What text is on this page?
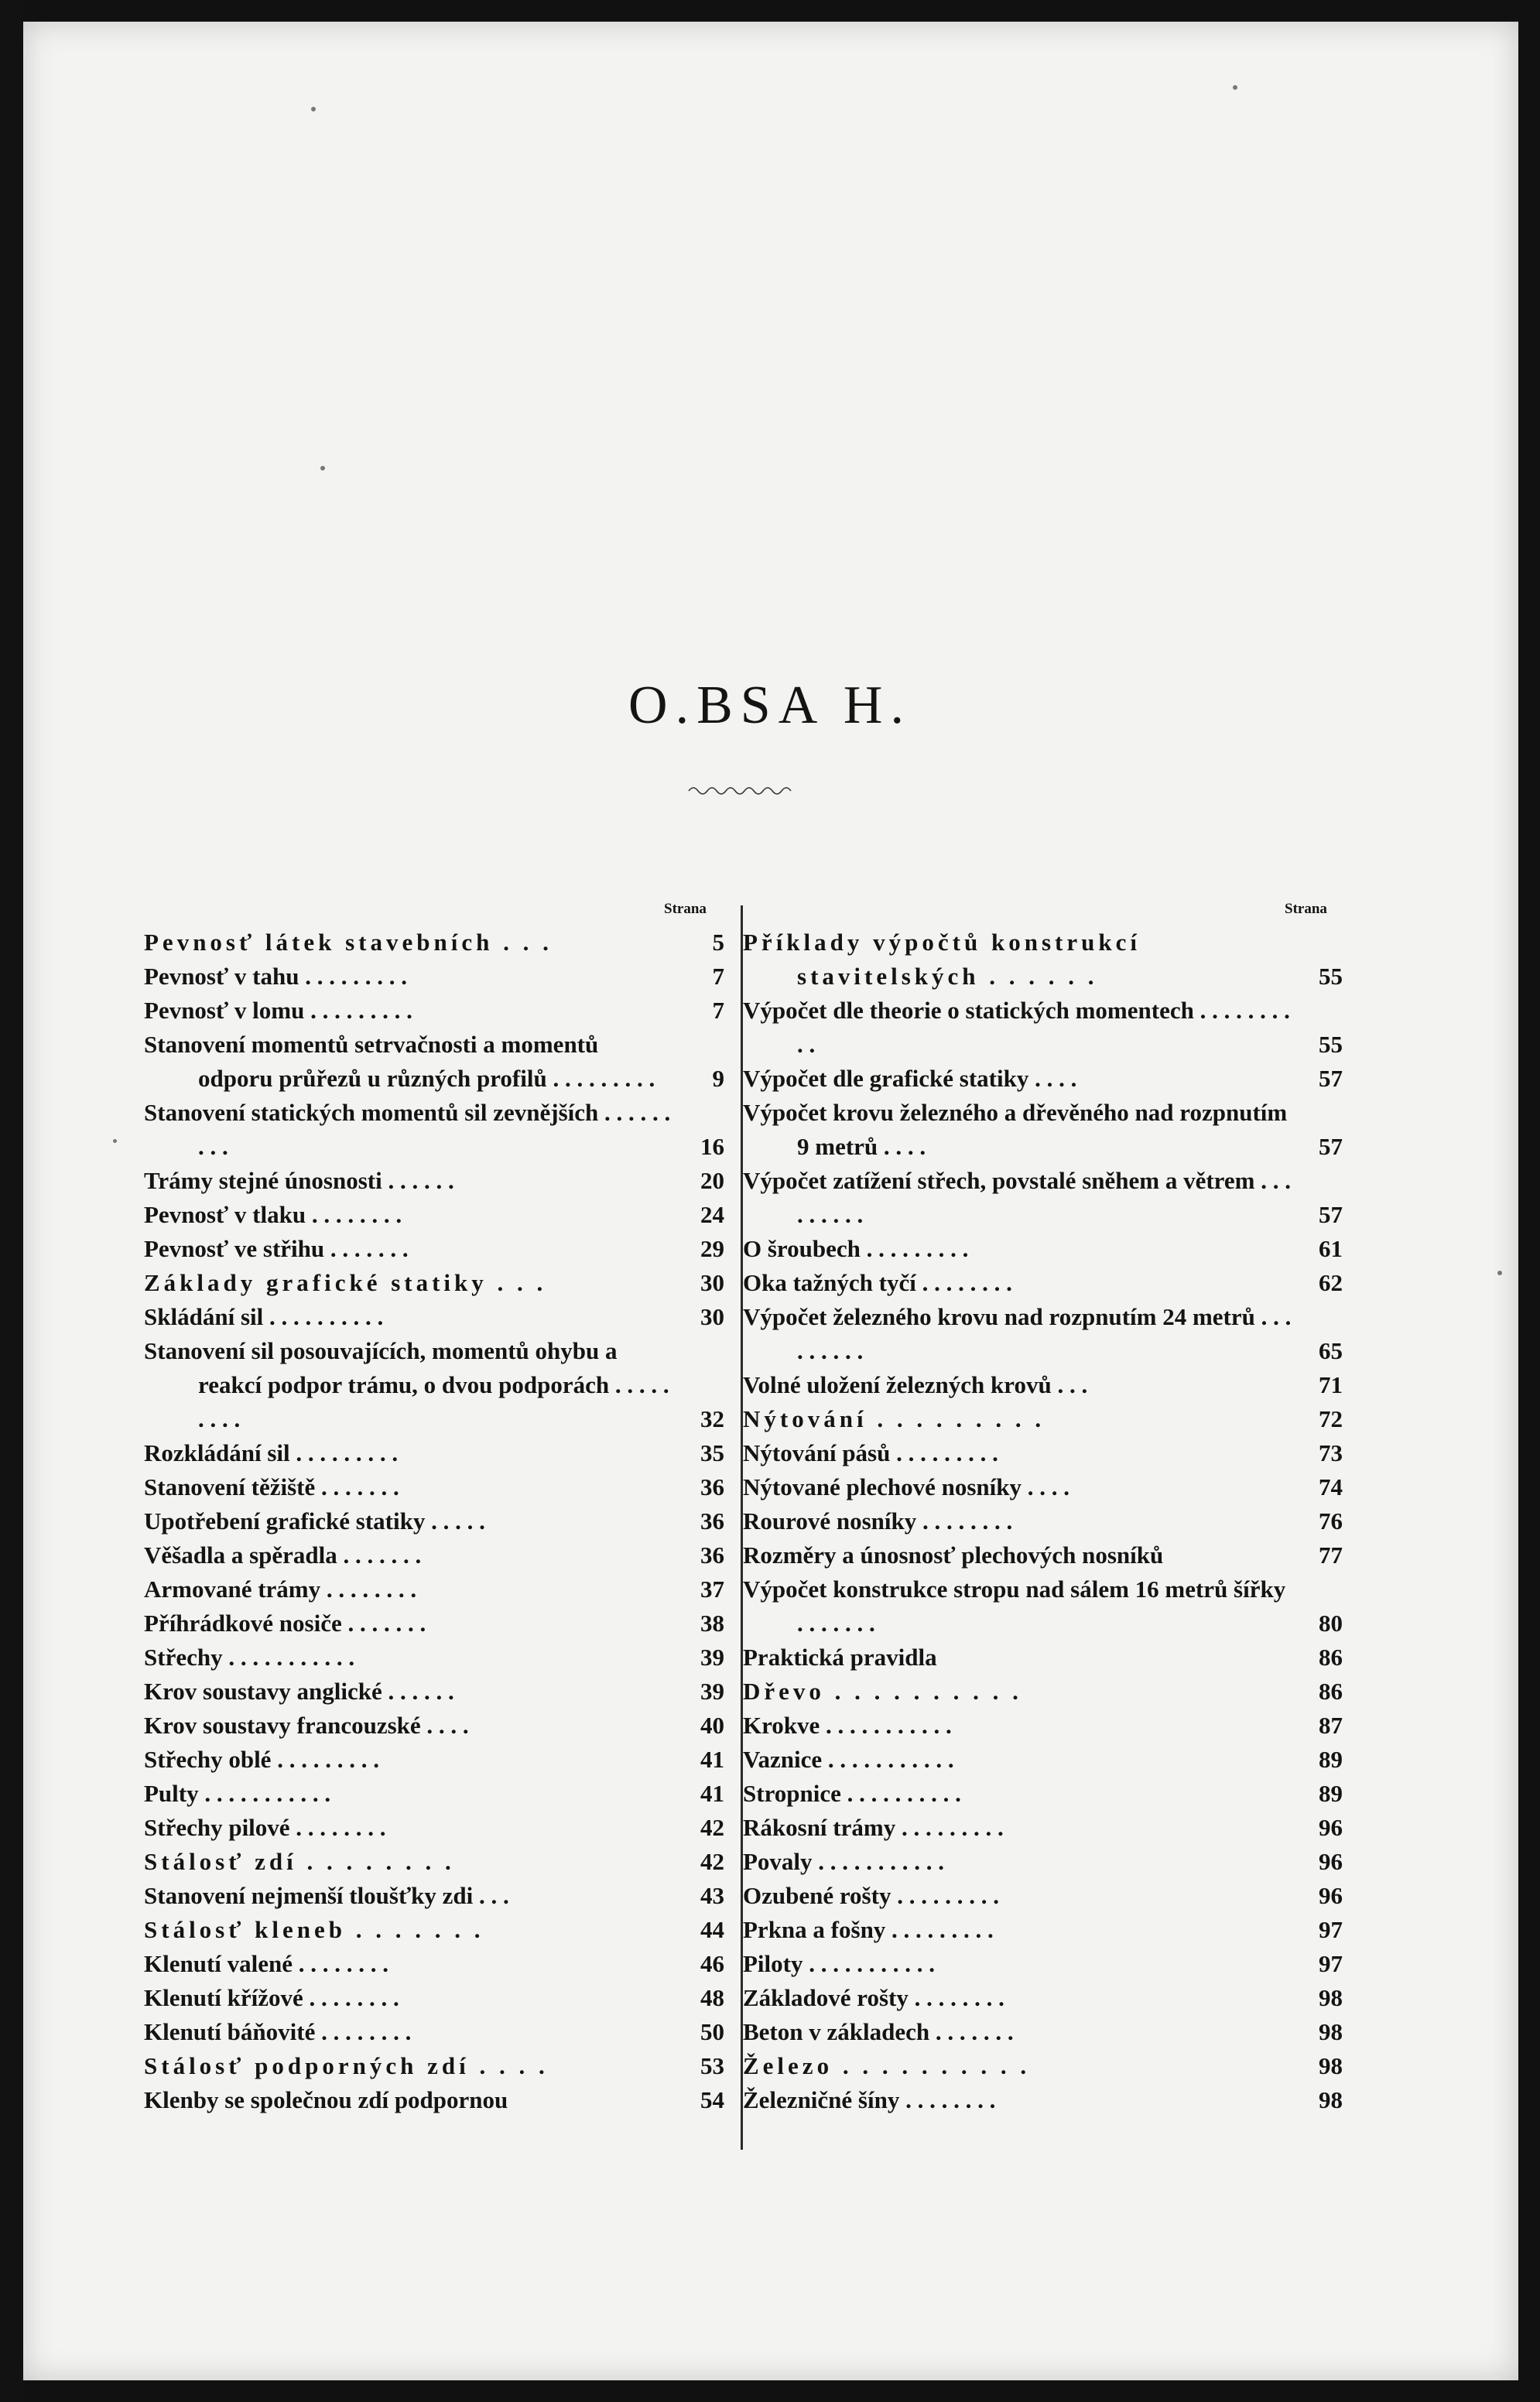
O.BSA H.
Strana	Strana
Pevnosť látek stavebních . . .	5
Pevnosť v tahu . . . . . . . . .	7
Pevnosť v lomu . . . . . . . . .	7
Stanovení momentů setrvačnosti a momentů odporu průřezů u různých profilů . . . . . . . . .	9
Stanovení statických momentů sil zevnějších . . . . . . . . .	16
Trámy stejné únosnosti . . . . . .	20
Pevnosť v tlaku . . . . . . . .	24
Pevnosť ve střihu . . . . . . .	29
Základy grafické statiky . . .	30
Skládání sil . . . . . . . . . .	30
Stanovení sil posouvajících, momentů ohybu a reakcí podpor trámu, o dvou podporách . . . . . . . . .	32
Rozkládání sil . . . . . . . . .	35
Stanovení těžiště . . . . . . .	36
Upotřebení grafické statiky . . . . .	36
Věšadla a spěradla . . . . . . .	36
Armované trámy . . . . . . . .	37
Příhrádkové nosiče . . . . . . .	38
Střechy . . . . . . . . . . .	39
Krov soustavy anglické . . . . . .	39
Krov soustavy francouzské . . . .	40
Střechy oblé . . . . . . . . .	41
Pulty . . . . . . . . . . .	41
Střechy pilové . . . . . . . .	42
Stálosť zdí . . . . . . . .	42
Stanovení nejmenší tloušťky zdi . . .	43
Stálosť kleneb . . . . . . .	44
Klenutí valené . . . . . . . .	46
Klenutí křížové . . . . . . . .	48
Klenutí báňovité . . . . . . . .	50
Stálosť podporných zdí . . . .	53
Klenby se společnou zdí podpornou	54
Příklady výpočtů konstrukcí stavitelských . . . . . .	55
Výpočet dle theorie o statických momentech . . . . . . . . . .	55
Výpočet dle grafické statiky . . . .	57
Výpočet krovu železného a dřevěného nad rozpnutím 9 metrů . . . .	57
Výpočet zatížení střech, povstalé sněhem a větrem . . . . . . . . .	57
O šroubech . . . . . . . . .	61
Oka tažných tyčí . . . . . . . .	62
Výpočet železného krovu nad rozpnutím 24 metrů . . . . . . . . .	65
Volné uložení železných krovů . . .	71
Nýtování . . . . . . . . .	72
Nýtování pásů . . . . . . . . .	73
Nýtované plechové nosníky . . . .	74
Rourové nosníky . . . . . . . .	76
Rozměry a únosnosť plechových nosníků	77
Výpočet konstrukce stropu nad sálem 16 metrů šířky . . . . . . .	80
Praktická pravidla	86
Dřevo . . . . . . . . . .	86
Krokve . . . . . . . . . . .	87
Vaznice . . . . . . . . . . .	89
Stropnice . . . . . . . . . .	89
Rákosní trámy . . . . . . . . .	96
Povaly . . . . . . . . . . .	96
Ozubené rošty . . . . . . . . .	96
Prkna a fošny . . . . . . . . .	97
Piloty . . . . . . . . . . .	97
Základové rošty . . . . . . . .	98
Beton v základech . . . . . . .	98
Železo . . . . . . . . . .	98
Železničné šíny . . . . . . . .	98
